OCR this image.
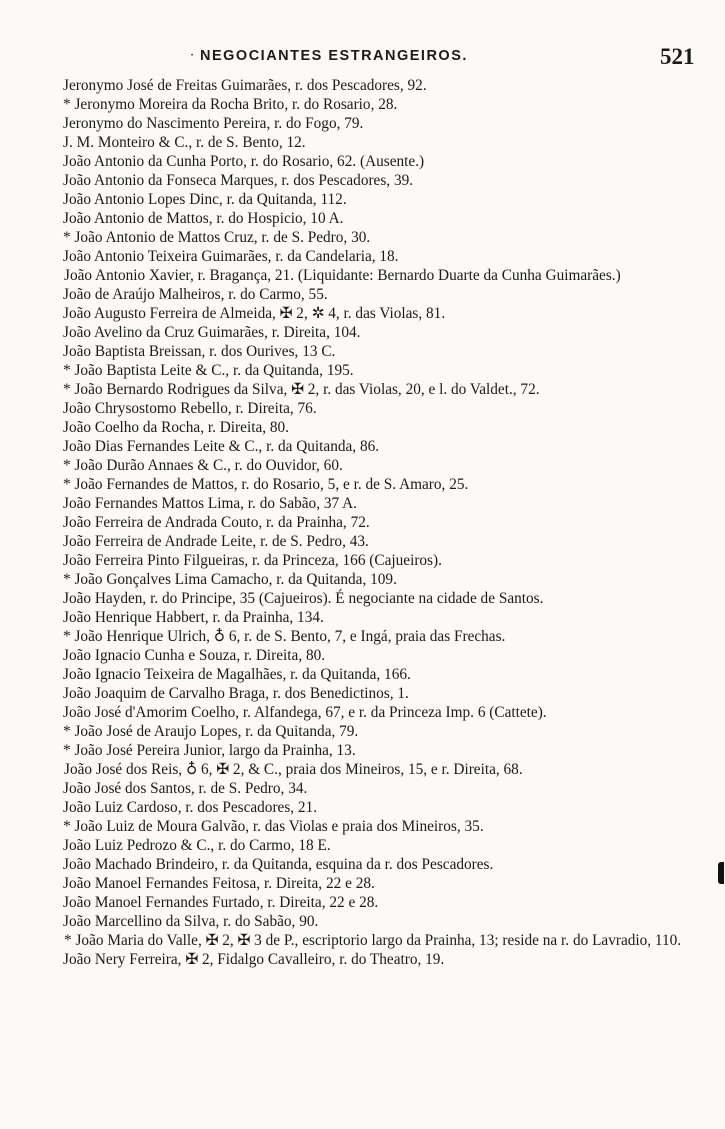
· NEGOCIANTES ESTRANGEIROS.	521
Jeronymo José de Freitas Guimarães, r. dos Pescadores, 92.
* Jeronymo Moreira da Rocha Brito, r. do Rosario, 28.
Jeronymo do Nascimento Pereira, r. do Fogo, 79.
J. M. Monteiro & C., r. de S. Bento, 12.
João Antonio da Cunha Porto, r. do Rosario, 62. (Ausente.)
João Antonio da Fonseca Marques, r. dos Pescadores, 39.
João Antonio Lopes Dinc, r. da Quitanda, 112.
João Antonio de Mattos, r. do Hospicio, 10 A.
* João Antonio de Mattos Cruz, r. de S. Pedro, 30.
João Antonio Teixeira Guimarães, r. da Candelaria, 18.
João Antonio Xavier, r. Bragança, 21. (Liquidante: Bernardo Duarte da Cunha Guimarães.)
João de Araújo Malheiros, r. do Carmo, 55.
João Augusto Ferreira de Almeida, ✠ 2, ✲ 4, r. das Violas, 81.
João Avelino da Cruz Guimarães, r. Direita, 104.
João Baptista Breissan, r. dos Ourives, 13 C.
* João Baptista Leite & C., r. da Quitanda, 195.
* João Bernardo Rodrigues da Silva, ✠ 2, r. das Violas, 20, e l. do Valdet., 72.
João Chrysostomo Rebello, r. Direita, 76.
João Coelho da Rocha, r. Direita, 80.
João Dias Fernandes Leite & C., r. da Quitanda, 86.
* João Durão Annaes & C., r. do Ouvidor, 60.
* João Fernandes de Mattos, r. do Rosario, 5, e r. de S. Amaro, 25.
João Fernandes Mattos Lima, r. do Sabão, 37 A.
João Ferreira de Andrada Couto, r. da Prainha, 72.
João Ferreira de Andrade Leite, r. de S. Pedro, 43.
João Ferreira Pinto Filgueiras, r. da Princeza, 166 (Cajueiros).
* João Gonçalves Lima Camacho, r. da Quitanda, 109.
João Hayden, r. do Principe, 35 (Cajueiros). É negociante na cidade de Santos.
João Henrique Habbert, r. da Prainha, 134.
* João Henrique Ulrich, ♁ 6, r. de S. Bento, 7, e Ingá, praia das Frechas.
João Ignacio Cunha e Souza, r. Direita, 80.
João Ignacio Teixeira de Magalhães, r. da Quitanda, 166.
João Joaquim de Carvalho Braga, r. dos Benedictinos, 1.
João José d'Amorim Coelho, r. Alfandega, 67, e r. da Princeza Imp. 6 (Cattete).
* João José de Araujo Lopes, r. da Quitanda, 79.
* João José Pereira Junior, largo da Prainha, 13.
João José dos Reis, ♁ 6, ✠ 2, & C., praia dos Mineiros, 15, e r. Direita, 68.
João José dos Santos, r. de S. Pedro, 34.
João Luiz Cardoso, r. dos Pescadores, 21.
* João Luiz de Moura Galvão, r. das Violas e praia dos Mineiros, 35.
João Luiz Pedrozo & C., r. do Carmo, 18 E.
João Machado Brindeiro, r. da Quitanda, esquina da r. dos Pescadores.
João Manoel Fernandes Feitosa, r. Direita, 22 e 28.
João Manoel Fernandes Furtado, r. Direita, 22 e 28.
João Marcellino da Silva, r. do Sabão, 90.
* João Maria do Valle, ✠ 2, ✠ 3 de P., escriptorio largo da Prainha, 13; reside na r. do Lavradio, 110.
João Nery Ferreira, ✠ 2, Fidalgo Cavalleiro, r. do Theatro, 19.
